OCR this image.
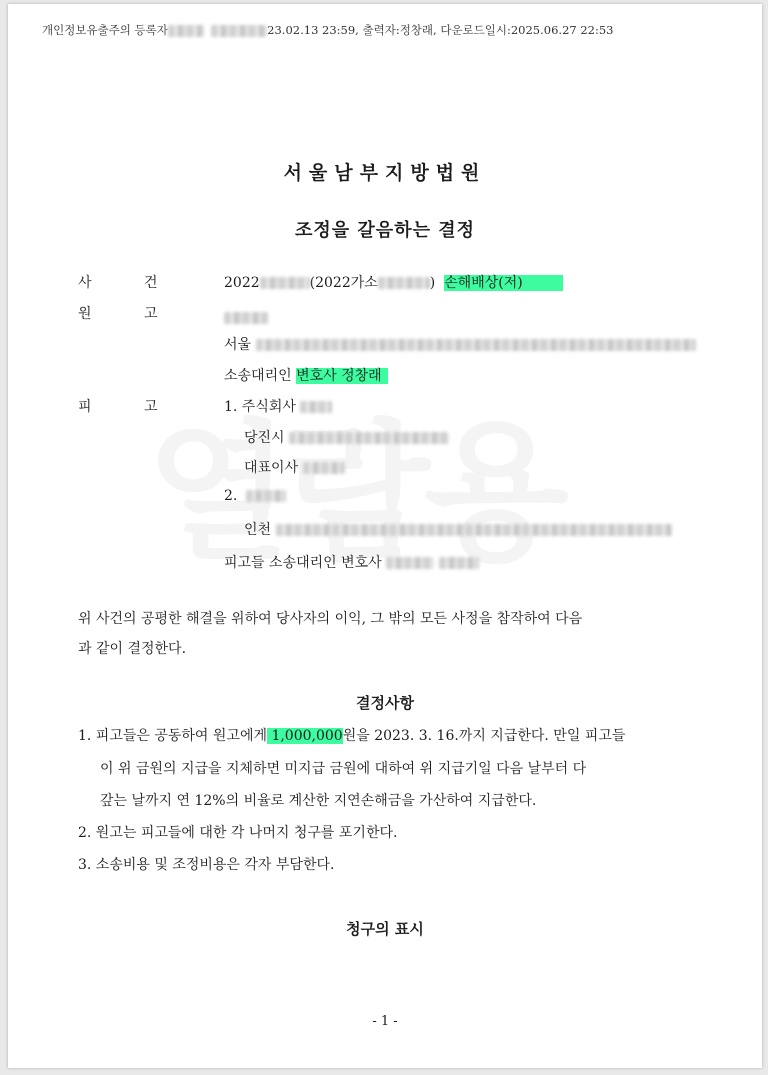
개인정보유출주의 등록자	23.02.13 23:59, 출력자:정창래, 다운로드일시:2025.06.27 22:53
서울남부지방법원
조정을 갈음하는 결정
사 건	2022	(2022가소	) 손해배상(저)
원 고
서울
소송대리인 변호사 정창래
피 고	1. 주식회사
당진시
대표이사
2.
인천
피고들 소송대리인 변호사
위 사건의 공평한 해결을 위하여 당사자의 이익, 그 밖의 모든 사정을 참작하여 다음
과 같이 결정한다.
결정사항
1. 피고들은 공동하여 원고에게 1,000,000원을 2023. 3. 16.까지 지급한다. 만일 피고들
이 위 금원의 지급을 지체하면 미지급 금원에 대하여 위 지급기일 다음 날부터 다
갚는 날까지 연 12%의 비율로 계산한 지연손해금을 가산하여 지급한다.
2. 원고는 피고들에 대한 각 나머지 청구를 포기한다.
3. 소송비용 및 조정비용은 각자 부담한다.
청구의 표시
- 1 -
